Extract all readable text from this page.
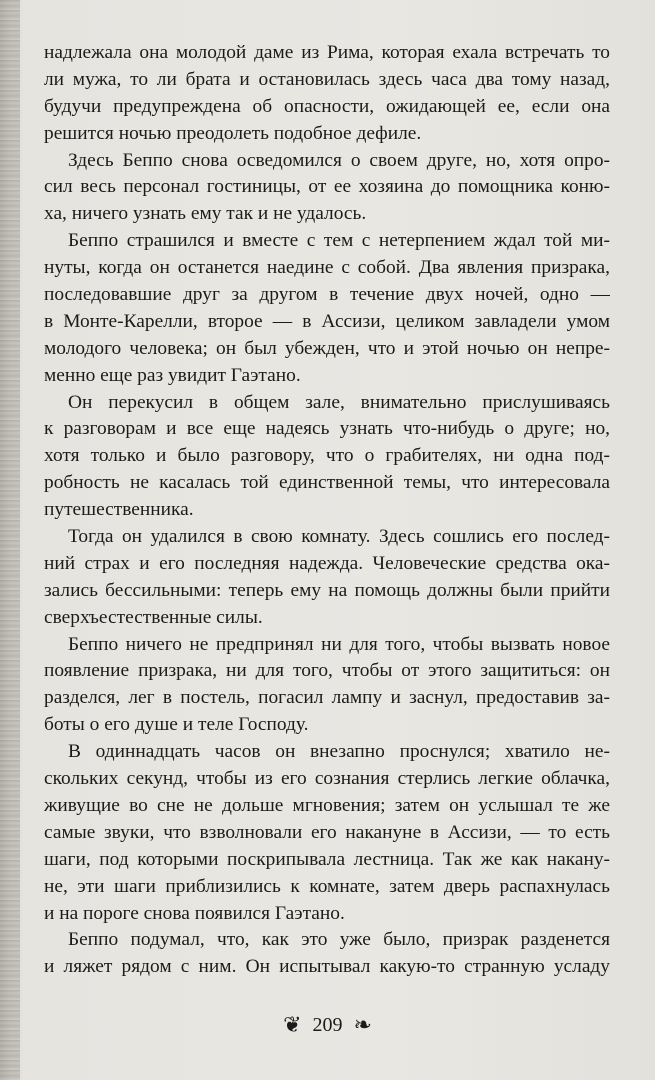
надлежала она молодой даме из Рима, которая ехала встречать то
ли мужа, то ли брата и остановилась здесь часа два тому назад,
будучи предупреждена об опасности, ожидающей ее, если она
решится ночью преодолеть подобное дефиле.
Здесь Беппо снова осведомился о своем друге, но, хотя опро-
сил весь персонал гостиницы, от ее хозяина до помощника коню-
ха, ничего узнать ему так и не удалось.
Беппо страшился и вместе с тем с нетерпением ждал той ми-
нуты, когда он останется наедине с собой. Два явления призрака,
последовавшие друг за другом в течение двух ночей, одно —
в Монте-Карелли, второе — в Ассизи, целиком завладели умом
молодого человека; он был убежден, что и этой ночью он непре-
менно еще раз увидит Гаэтано.
Он перекусил в общем зале, внимательно прислушиваясь
к разговорам и все еще надеясь узнать что-нибудь о друге; но,
хотя только и было разговору, что о грабителях, ни одна под-
робность не касалась той единственной темы, что интересовала
путешественника.
Тогда он удалился в свою комнату. Здесь сошлись его послед-
ний страх и его последняя надежда. Человеческие средства ока-
зались бессильными: теперь ему на помощь должны были прийти
сверхъестественные силы.
Беппо ничего не предпринял ни для того, чтобы вызвать новое
появление призрака, ни для того, чтобы от этого защититься: он
разделся, лег в постель, погасил лампу и заснул, предоставив за-
боты о его душе и теле Господу.
В одиннадцать часов он внезапно проснулся; хватило не-
скольких секунд, чтобы из его сознания стерлись легкие облачка,
живущие во сне не дольше мгновения; затем он услышал те же
самые звуки, что взволновали его накануне в Ассизи, — то есть
шаги, под которыми поскрипывала лестница. Так же как накану-
не, эти шаги приблизились к комнате, затем дверь распахнулась
и на пороге снова появился Гаэтано.
Беппо подумал, что, как это уже было, призрак разденется
и ляжет рядом с ним. Он испытывал какую-то странную усладу
❦ 209 ❧
